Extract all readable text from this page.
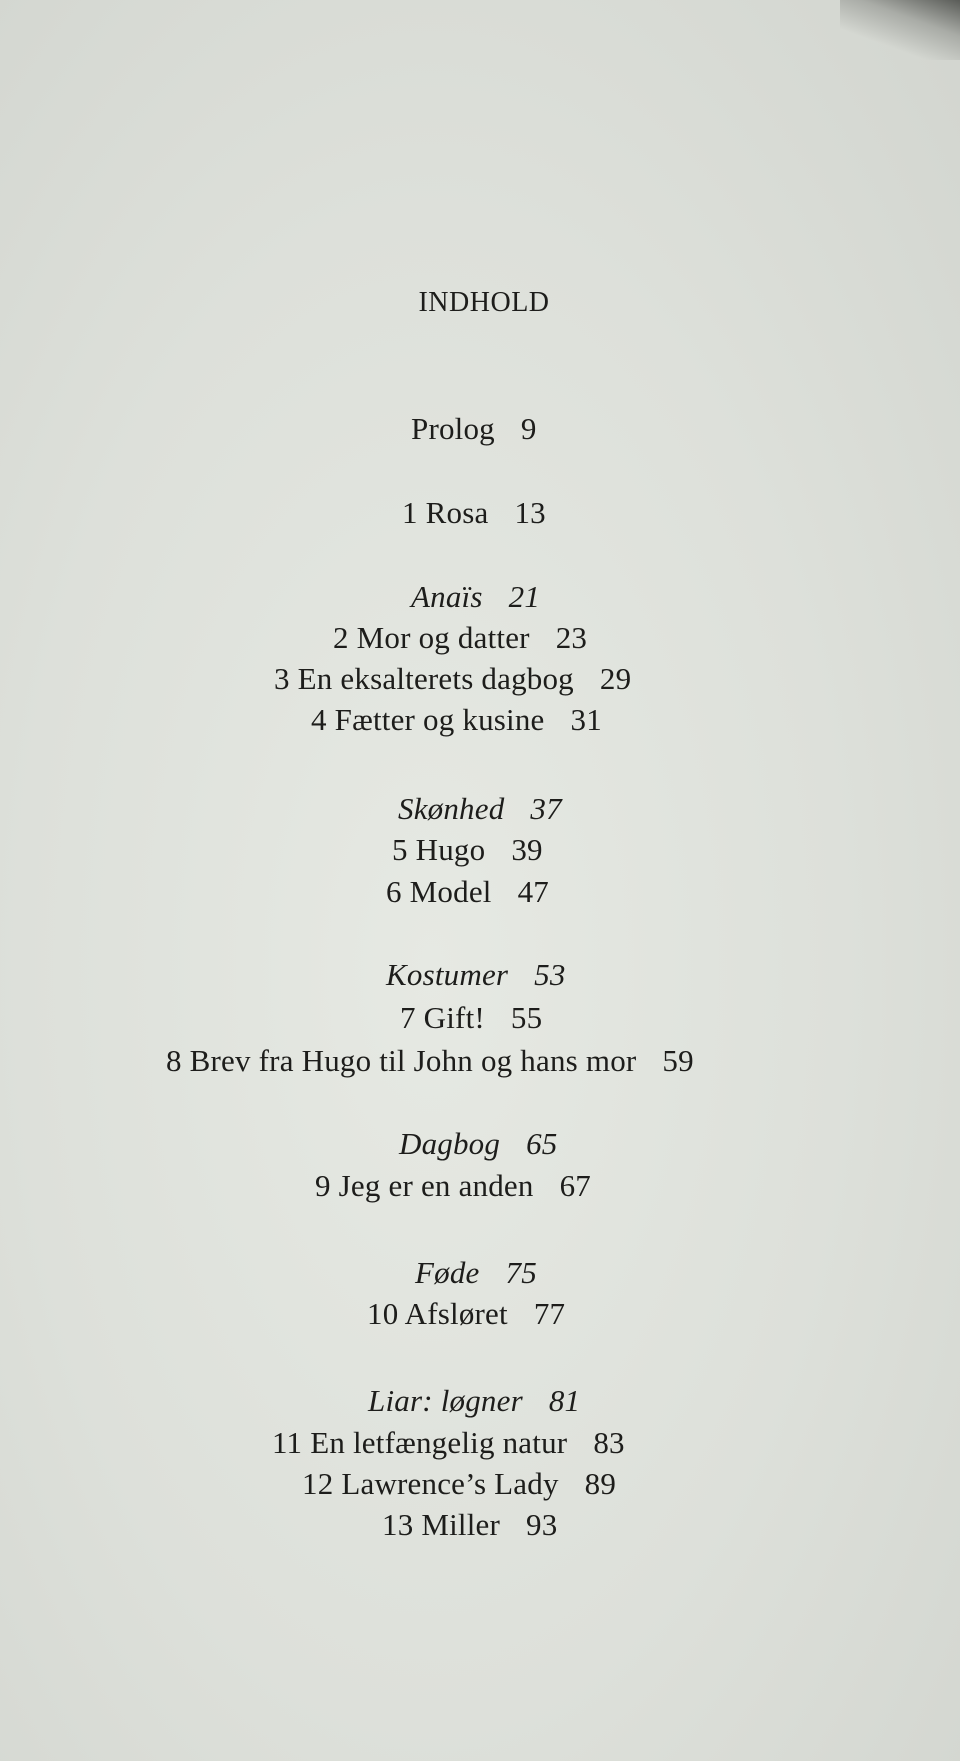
INDHOLD
Prolog 9
1 Rosa 13
Anaïs 21
2 Mor og datter 23
3 En eksalterets dagbog 29
4 Fætter og kusine 31
Skønhed 37
5 Hugo 39
6 Model 47
Kostumer 53
7 Gift! 55
8 Brev fra Hugo til John og hans mor 59
Dagbog 65
9 Jeg er en anden 67
Føde 75
10 Afsløret 77
Liar: løgner 81
11 En letfængelig natur 83
12 Lawrence’s Lady 89
13 Miller 93
